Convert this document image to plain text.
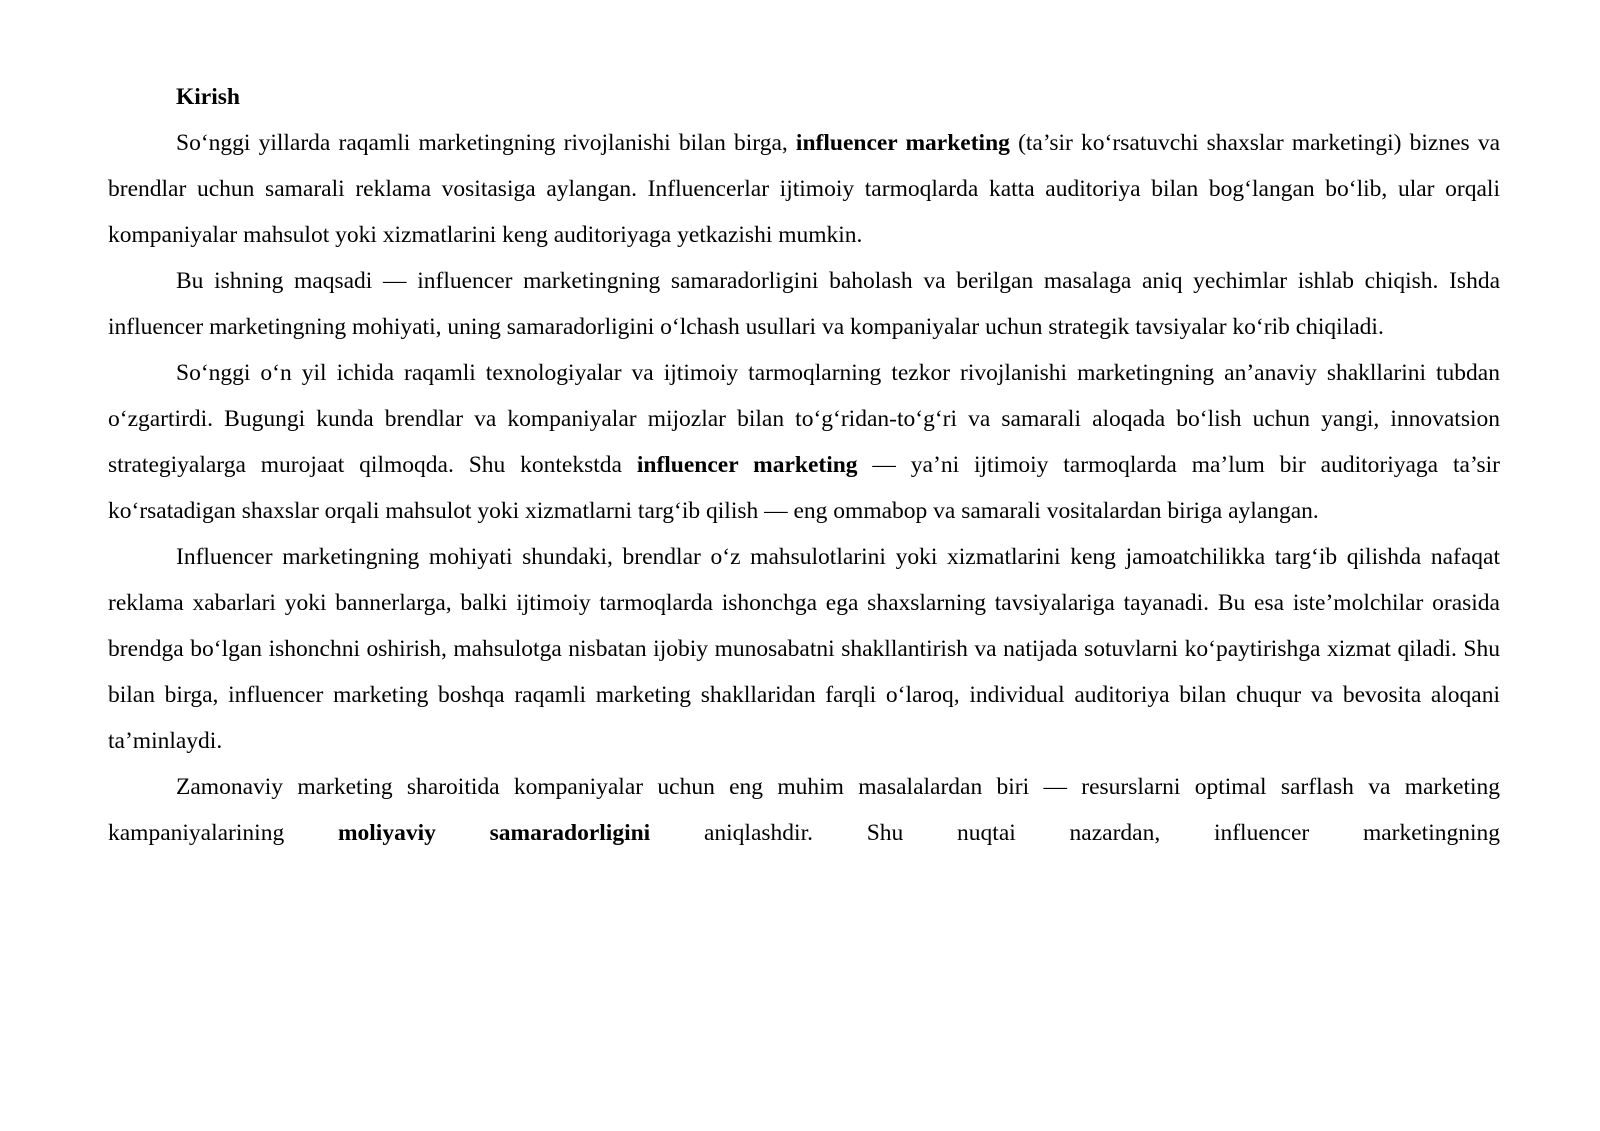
Kirish

So‘nggi yillarda raqamli marketingning rivojlanishi bilan birga, influencer marketing (ta’sir ko‘rsatuvchi shaxslar marketingi) biznes va brendlar uchun samarali reklama vositasiga aylangan. Influencerlar ijtimoiy tarmoqlarda katta auditoriya bilan bog‘langan bo‘lib, ular orqali kompaniyalar mahsulot yoki xizmatlarini keng auditoriyaga yetkazishi mumkin.

Bu ishning maqsadi — influencer marketingning samaradorligini baholash va berilgan masalaga aniq yechimlar ishlab chiqish. Ishda influencer marketingning mohiyati, uning samaradorligini o‘lchash usullari va kompaniyalar uchun strategik tavsiyalar ko‘rib chiqiladi.

So‘nggi o‘n yil ichida raqamli texnologiyalar va ijtimoiy tarmoqlarning tezkor rivojlanishi marketingning an’anaviy shakllarini tubdan o‘zgartirdi. Bugungi kunda brendlar va kompaniyalar mijozlar bilan to‘g‘ridan-to‘g‘ri va samarali aloqada bo‘lish uchun yangi, innovatsion strategiyalarga murojaat qilmoqda. Shu kontekstda influencer marketing — ya’ni ijtimoiy tarmoqlarda ma’lum bir auditoriyaga ta’sir ko‘rsatadigan shaxslar orqali mahsulot yoki xizmatlarni targ‘ib qilish — eng ommabop va samarali vositalardan biriga aylangan.

Influencer marketingning mohiyati shundaki, brendlar o‘z mahsulotlarini yoki xizmatlarini keng jamoatchilikka targ‘ib qilishda nafaqat reklama xabarlari yoki bannerlarga, balki ijtimoiy tarmoqlarda ishonchga ega shaxslarning tavsiyalariga tayanadi. Bu esa iste’molchilar orasida brendga bo‘lgan ishonchni oshirish, mahsulotga nisbatan ijobiy munosabatni shakllantirish va natijada sotuvlarni ko‘paytirishga xizmat qiladi. Shu bilan birga, influencer marketing boshqa raqamli marketing shakllaridan farqli o‘laroq, individual auditoriya bilan chuqur va bevosita aloqani ta’minlaydi.

Zamonaviy marketing sharoitida kompaniyalar uchun eng muhim masalalardan biri — resurslarni optimal sarflash va marketing kampaniyalarining moliyaviy samaradorligini aniqlashdir. Shu nuqtai nazardan, influencer marketingning
